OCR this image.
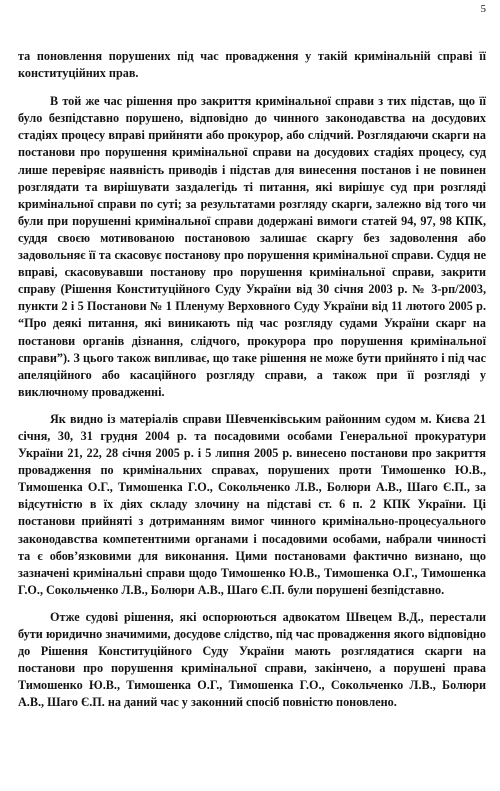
5

та поновлення порушених під час провадження у такій кримінальній справі її конституційних прав.

В той же час рішення про закриття кримінальної справи з тих підстав, що її було безпідставно порушено, відповідно до чинного законодавства на досудових стадіях процесу вправі прийняти або прокурор, або слідчий. Розглядаючи скарги на постанови про порушення кримінальної справи на досудових стадіях процесу, суд лише перевіряє наявність приводів і підстав для винесення постанов і не повинен розглядати та вирішувати заздалегідь ті питання, які вирішує суд при розгляді кримінальної справи по суті; за результатами розгляду скарги, залежно від того чи були при порушенні кримінальної справи додержані вимоги статей 94, 97, 98 КПК, суддя своєю мотивованою постановою залишає скаргу без задоволення або задовольняє її та скасовує постанову про порушення кримінальної справи. Судця не вправі, скасовувавши постанову про порушення кримінальної справи, закрити справу (Рішення Конституційного Суду України від 30 січня 2003 р. № 3-рп/2003, пункти 2 і 5 Постанови № 1 Пленуму Верховного Суду України від 11 лютого 2005 р. “Про деякі питання, які виникають під час розгляду судами України скарг на постанови органів дізнання, слідчого, прокурора про порушення кримінальної справи”). З цього також випливає, що таке рішення не може бути прийнято і під час апеляційного або касаційного розгляду справи, а також при її розгляді у виключному провадженні.

Як видно із матеріалів справи Шевченківським районним судом м. Києва 21 січня, 30, 31 грудня 2004 р. та посадовими особами Генеральної прокуратури України 21, 22, 28 січня 2005 р. і 5 липня 2005 р. винесено постанови про закриття провадження по кримінальних справах, порушених проти Тимошенко Ю.В., Тимошенка О.Г., Тимошенка Г.О., Сокольченко Л.В., Болюри А.В., Шаго Є.П., за відсутністю в їх діях складу злочину на підставі ст. 6 п. 2 КПК України. Ці постанови прийняті з дотриманням вимог чинного кримінально-процесуального законодавства компетентними органами і посадовими особами, набрали чинності та є обов’язковими для виконання. Цими постановами фактично визнано, що зазначені кримінальні справи щодо Тимошенко Ю.В., Тимошенка О.Г., Тимошенка Г.О., Сокольченко Л.В., Болюри А.В., Шаго Є.П. були порушені безпідставно.

Отже судові рішення, які оспорюються адвокатом Швецем В.Д., перестали бути юридично значимими, досудове слідство, під час провадження якого відповідно до Рішення Конституційного Суду України мають розглядатися скарги на постанови про порушення кримінальної справи, закінчено, а порушені права Тимошенко Ю.В., Тимошенка О.Г., Тимошенка Г.О., Сокольченко Л.В., Болюри А.В., Шаго Є.П. на даний час у законний спосіб повністю поновлено.
